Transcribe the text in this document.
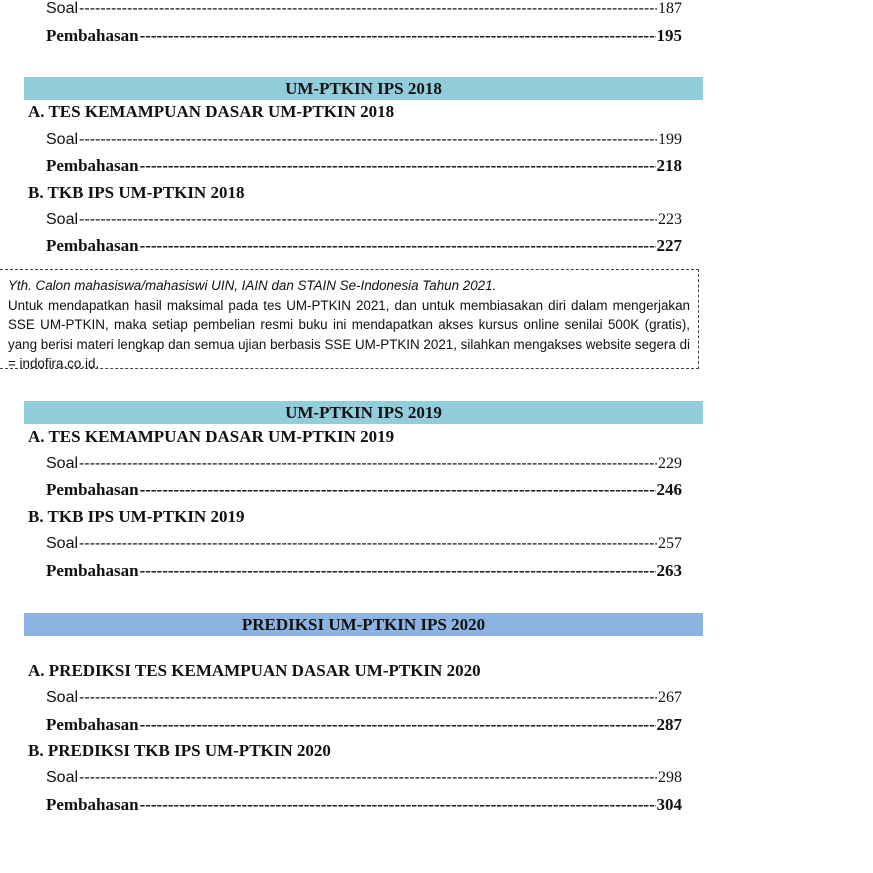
Soal -----	187
Pembahasan -----	195
UM-PTKIN IPS 2018
A. TES KEMAMPUAN DASAR UM-PTKIN 2018
Soal -----	199
Pembahasan -----	218
B. TKB IPS UM-PTKIN 2018
Soal -----	223
Pembahasan -----	227
Yth. Calon mahasiswa/mahasiswi UIN, IAIN dan STAIN Se-Indonesia Tahun 2021.
Untuk mendapatkan hasil maksimal pada tes UM-PTKIN 2021, dan untuk membiasakan diri dalam mengerjakan SSE UM-PTKIN, maka setiap pembelian resmi buku ini mendapatkan akses kursus online senilai 500K (gratis), yang berisi materi lengkap dan semua ujian berbasis SSE UM-PTKIN 2021, silahkan mengakses website segera di = indofira.co.id.
UM-PTKIN IPS 2019
A. TES KEMAMPUAN DASAR UM-PTKIN 2019
Soal -----	229
Pembahasan -----	246
B. TKB IPS UM-PTKIN 2019
Soal -----	257
Pembahasan -----	263
PREDIKSI UM-PTKIN IPS 2020
A. PREDIKSI TES KEMAMPUAN DASAR UM-PTKIN 2020
Soal -----	267
Pembahasan -----	287
B. PREDIKSI TKB IPS UM-PTKIN 2020
Soal -----	298
Pembahasan -----	304
